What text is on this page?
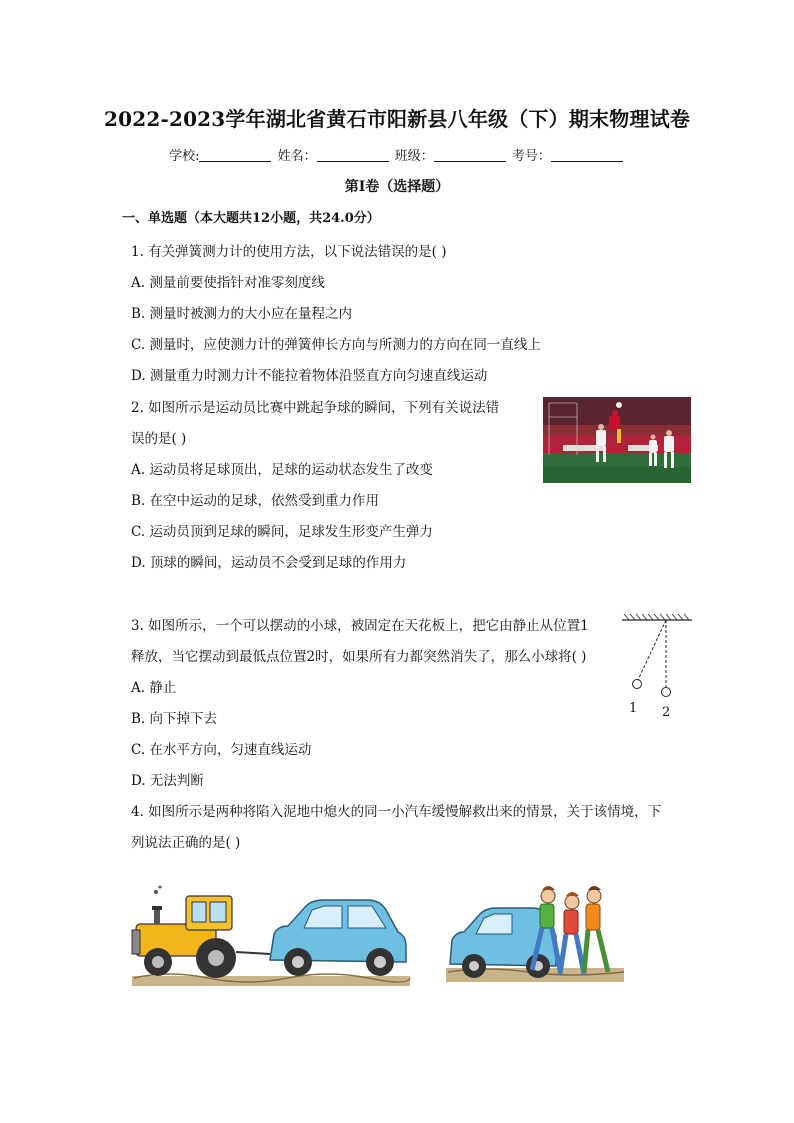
2022-2023学年湖北省黄石市阳新县八年级（下）期末物理试卷
学校:	姓名：	班级：	考号：
第I卷（选择题）
一、单选题（本大题共12小题，共24.0分）
1. 有关弹簧测力计的使用方法，以下说法错误的是( )
A. 测量前要使指针对准零刻度线
B. 测量时被测力的大小应在量程之内
C. 测量时，应使测力计的弹簧伸长方向与所测力的方向在同一直线上
D. 测量重力时测力计不能拉着物体沿竖直方向匀速直线运动
2. 如图所示是运动员比赛中跳起争球的瞬间，下列有关说法错
误的是( )
A. 运动员将足球顶出，足球的运动状态发生了改变
B. 在空中运动的足球，依然受到重力作用
C. 运动员顶到足球的瞬间，足球发生形变产生弹力
D. 顶球的瞬间，运动员不会受到足球的作用力
3. 如图所示，一个可以摆动的小球，被固定在天花板上，把它由静止从位置1
释放，当它摆动到最低点位置2时，如果所有力都突然消失了，那么小球将( )
A. 静止
B. 向下掉下去
C. 在水平方向，匀速直线运动
D. 无法判断
1 2
4. 如图所示是两种将陷入泥地中熄火的同一小汽车缓慢解救出来的情景，关于该情境，下
列说法正确的是( )
